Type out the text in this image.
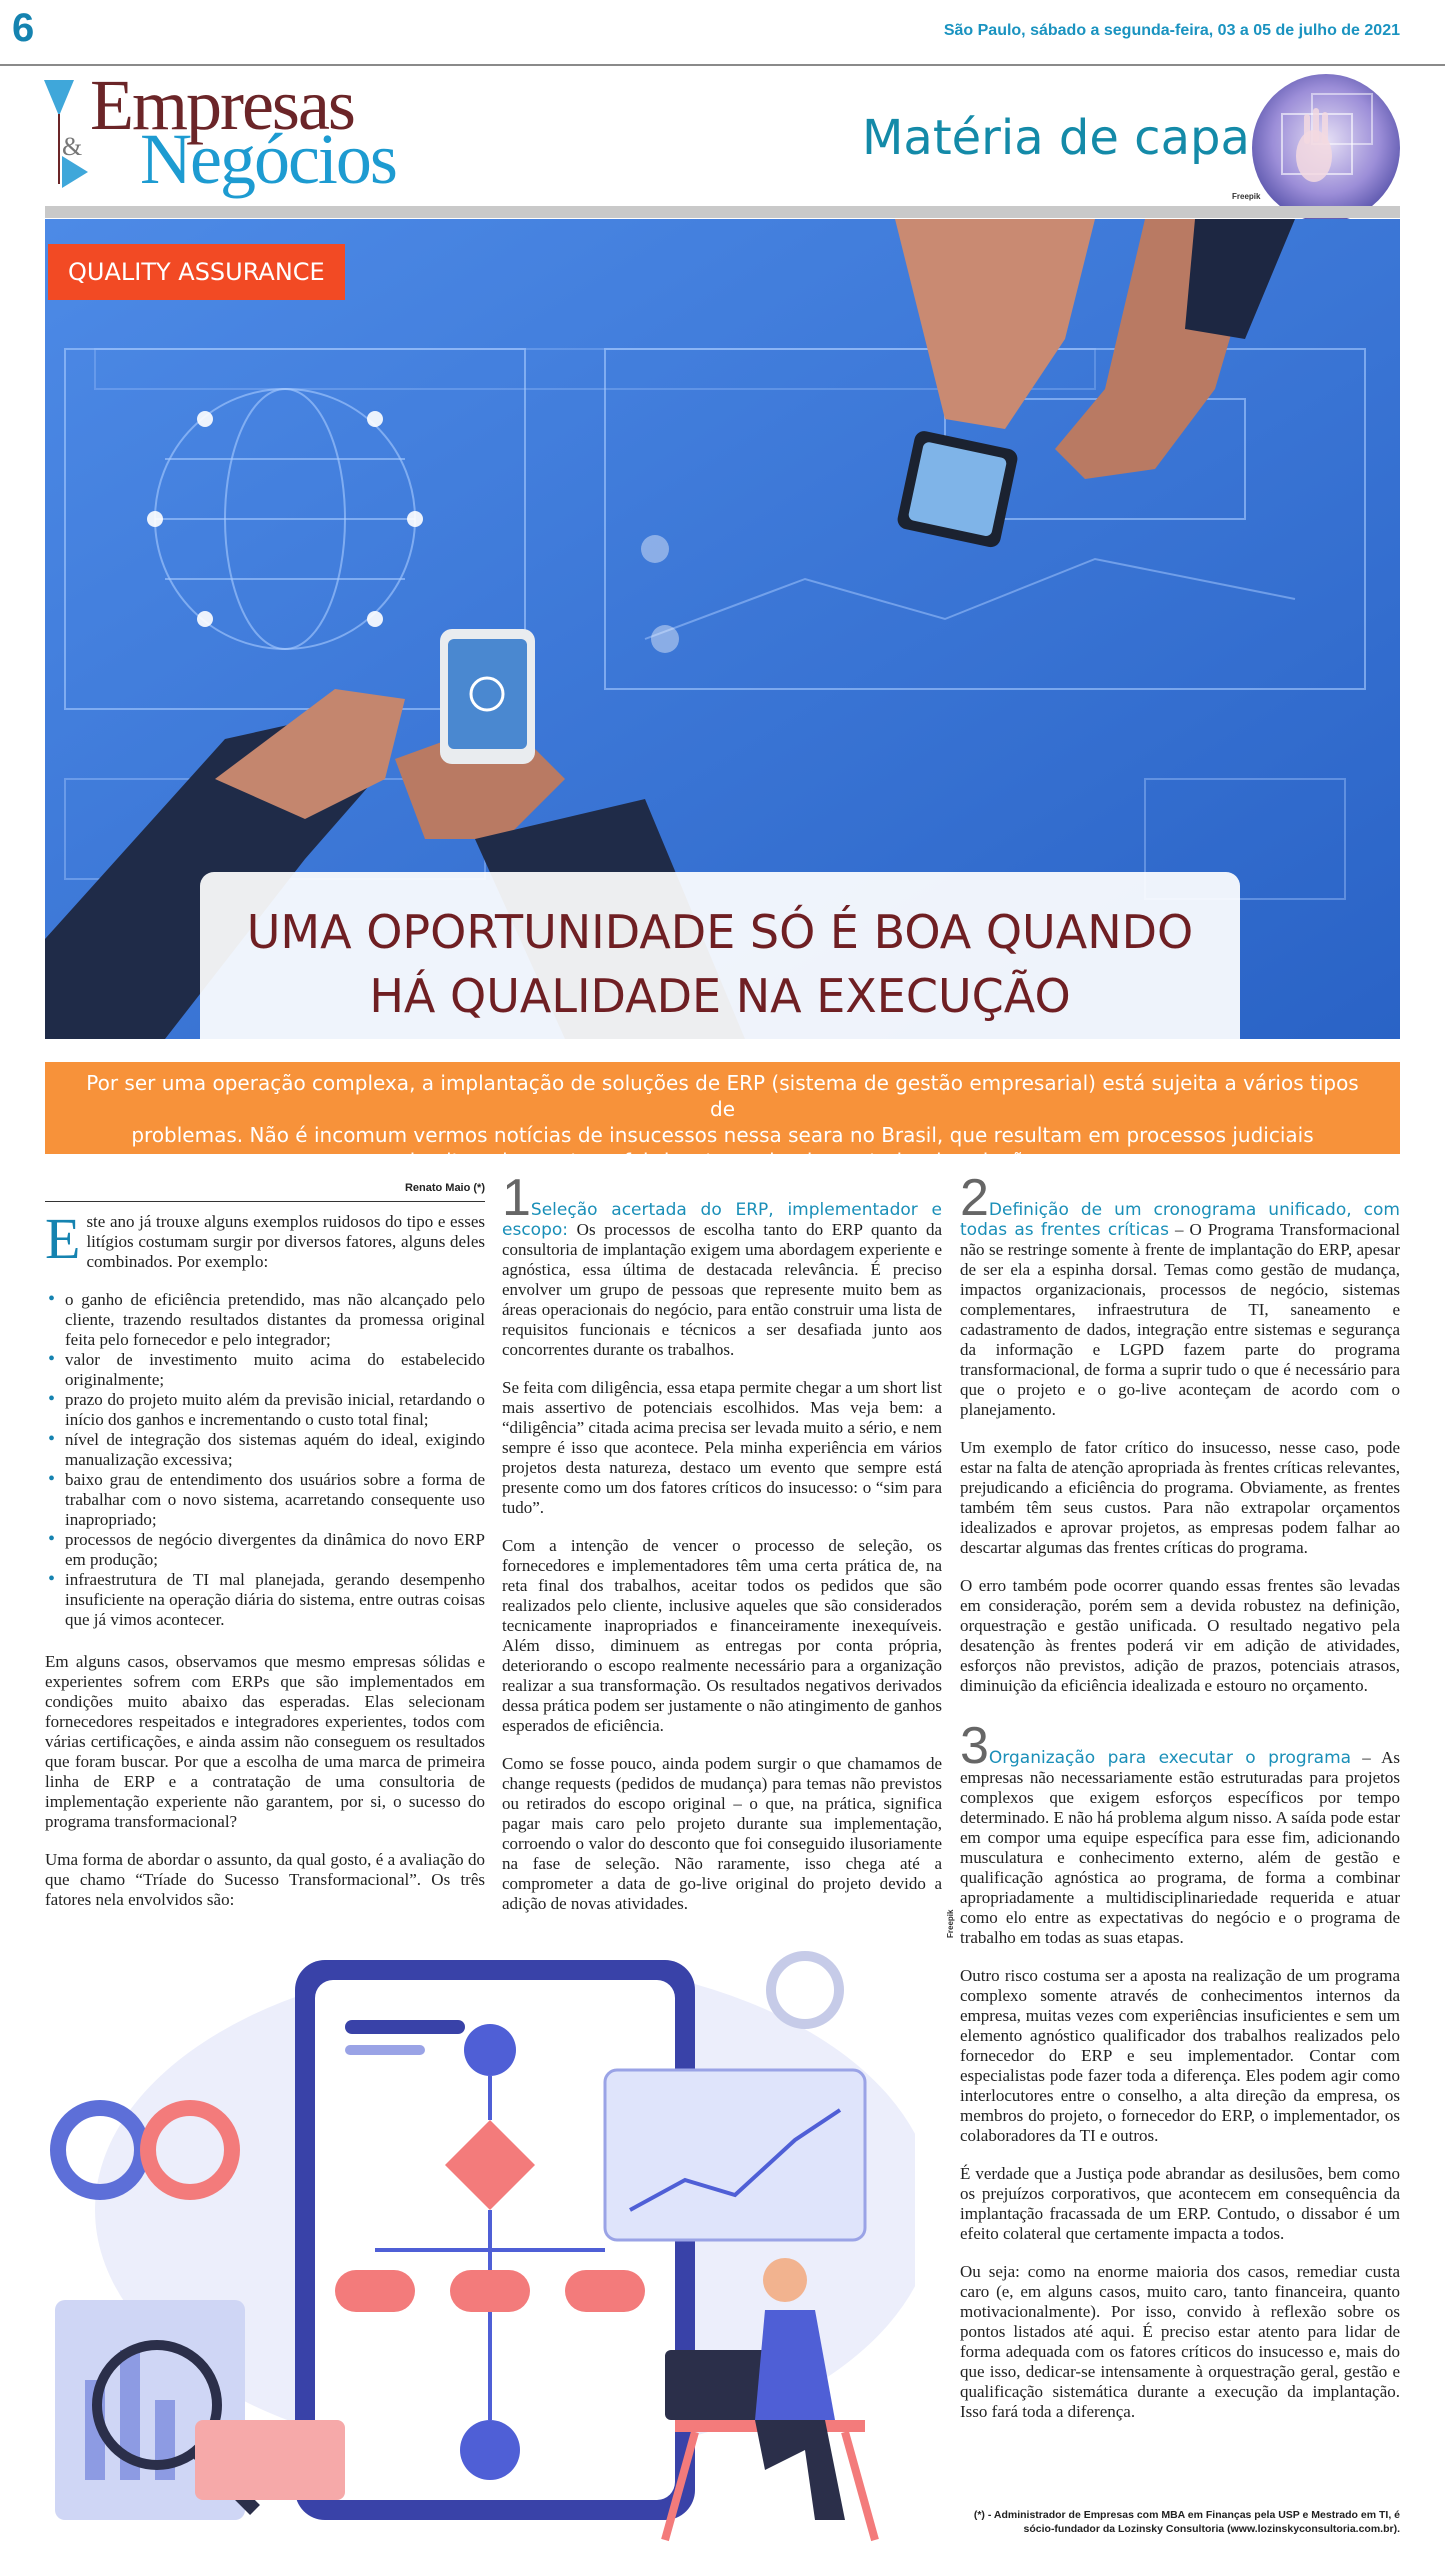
6	São Paulo, sábado a segunda-feira, 03 a 05 de julho de 2021
Empresas
& Negócios	Matéria de capa
Freepik
QUALITY ASSURANCE
UMA OPORTUNIDADE SÓ É BOA QUANDO
HÁ QUALIDADE NA EXECUÇÃO
Por ser uma operação complexa, a implantação de soluções de ERP (sistema de gestão empresarial) está sujeita a vários tipos de
problemas. Não é incomum vermos notícias de insucessos nessa seara no Brasil, que resultam em processos judiciais
de alto valor contra o fabricante e o implementador da solução.
Renato Maio (*)

Este ano já trouxe alguns exemplos ruidosos do tipo e esses litígios costumam surgir por diversos fatores, alguns deles combinados. Por exemplo:

• o ganho de eficiência pretendido, mas não alcançado pelo cliente, trazendo resultados distantes da promessa original feita pelo fornecedor e pelo integrador;
• valor de investimento muito acima do estabelecido originalmente;
• prazo do projeto muito além da previsão inicial, retardando o início dos ganhos e incrementando o custo total final;
• nível de integração dos sistemas aquém do ideal, exigindo manualização excessiva;
• baixo grau de entendimento dos usuários sobre a forma de trabalhar com o novo sistema, acarretando consequente uso inapropriado;
• processos de negócio divergentes da dinâmica do novo ERP em produção;
• infraestrutura de TI mal planejada, gerando desempenho insuficiente na operação diária do sistema, entre outras coisas que já vimos acontecer.

Em alguns casos, observamos que mesmo empresas sólidas e experientes sofrem com ERPs que são implementados em condições muito abaixo das esperadas. Elas selecionam fornecedores respeitados e integradores experientes, todos com várias certificações, e ainda assim não conseguem os resultados que foram buscar. Por que a escolha de uma marca de primeira linha de ERP e a contratação de uma consultoria de implementação experiente não garantem, por si, o sucesso do programa transformacional?

Uma forma de abordar o assunto, da qual gosto, é a avaliação do que chamo “Tríade do Sucesso Transformacional”. Os três fatores nela envolvidos são:

1Seleção acertada do ERP, implementador e escopo: Os processos de escolha tanto do ERP quanto da consultoria de implantação exigem uma abordagem experiente e agnóstica, essa última de destacada relevância. É preciso envolver um grupo de pessoas que represente muito bem as áreas operacionais do negócio, para então construir uma lista de requisitos funcionais e técnicos a ser desafiada junto aos concorrentes durante os trabalhos.

Se feita com diligência, essa etapa permite chegar a um short list mais assertivo de potenciais escolhidos. Mas veja bem: a “diligência” citada acima precisa ser levada muito a sério, e nem sempre é isso que acontece. Pela minha experiência em vários projetos desta natureza, destaco um evento que sempre está presente como um dos fatores críticos do insucesso: o “sim para tudo”.

Com a intenção de vencer o processo de seleção, os fornecedores e implementadores têm uma certa prática de, na reta final dos trabalhos, aceitar todos os pedidos que são realizados pelo cliente, inclusive aqueles que são considerados tecnicamente inapropriados e financeiramente inexequíveis. Além disso, diminuem as entregas por conta própria, deteriorando o escopo realmente necessário para a organização realizar a sua transformação. Os resultados negativos derivados dessa prática podem ser justamente o não atingimento de ganhos esperados de eficiência.

Como se fosse pouco, ainda podem surgir o que chamamos de change requests (pedidos de mudança) para temas não previstos ou retirados do escopo original – o que, na prática, significa pagar mais caro pelo projeto durante sua implementação, corroendo o valor do desconto que foi conseguido ilusoriamente na fase de seleção. Não raramente, isso chega até a comprometer a data de go-live original do projeto devido a adição de novas atividades.

2Definição de um cronograma unificado, com todas as frentes críticas – O Programa Transformacional não se restringe somente à frente de implantação do ERP, apesar de ser ela a espinha dorsal. Temas como gestão de mudança, impactos organizacionais, processos de negócio, sistemas complementares, infraestrutura de TI, saneamento e cadastramento de dados, integração entre sistemas e segurança da informação e LGPD fazem parte do programa transformacional, de forma a suprir tudo o que é necessário para que o projeto e o go-live aconteçam de acordo com o planejamento.

Um exemplo de fator crítico do insucesso, nesse caso, pode estar na falta de atenção apropriada às frentes críticas relevantes, prejudicando a eficiência do programa. Obviamente, as frentes também têm seus custos. Para não extrapolar orçamentos idealizados e aprovar projetos, as empresas podem falhar ao descartar algumas das frentes críticas do programa.

O erro também pode ocorrer quando essas frentes são levadas em consideração, porém sem a devida robustez na definição, orquestração e gestão unificada. O resultado negativo pela desatenção às frentes poderá vir em adição de atividades, esforços não previstos, adição de prazos, potenciais atrasos, diminuição da eficiência idealizada e estouro no orçamento.

3Organização para executar o programa – As empresas não necessariamente estão estruturadas para projetos complexos que exigem esforços específicos por tempo determinado. E não há problema algum nisso. A saída pode estar em compor uma equipe específica para esse fim, adicionando musculatura e conhecimento externo, além de gestão e qualificação agnóstica ao programa, de forma a combinar apropriadamente a multidisciplinariedade requerida e atuar como elo entre as expectativas do negócio e o programa de trabalho em todas as suas etapas.

Outro risco costuma ser a aposta na realização de um programa complexo somente através de conhecimentos internos da empresa, muitas vezes com experiências insuficientes e sem um elemento agnóstico qualificador dos trabalhos realizados pelo fornecedor do ERP e seu implementador. Contar com especialistas pode fazer toda a diferença. Eles podem agir como interlocutores entre o conselho, a alta direção da empresa, os membros do projeto, o fornecedor do ERP, o implementador, os colaboradores da TI e outros.

É verdade que a Justiça pode abrandar as desilusões, bem como os prejuízos corporativos, que acontecem em consequência da implantação fracassada de um ERP. Contudo, o dissabor é um efeito colateral que certamente impacta a todos.

Ou seja: como na enorme maioria dos casos, remediar custa caro (e, em alguns casos, muito caro, tanto financeira, quanto motivacionalmente). Por isso, convido à reflexão sobre os pontos listados até aqui. É preciso estar atento para lidar de forma adequada com os fatores críticos do insucesso e, mais do que isso, dedicar-se intensamente à orquestração geral, gestão e qualificação sistemática durante a execução da implantação. Isso fará toda a diferença.

Freepik
(*) - Administrador de Empresas com MBA em Finanças pela USP e Mestrado em TI, é sócio-fundador da Lozinsky Consultoria (www.lozinskyconsultoria.com.br).
